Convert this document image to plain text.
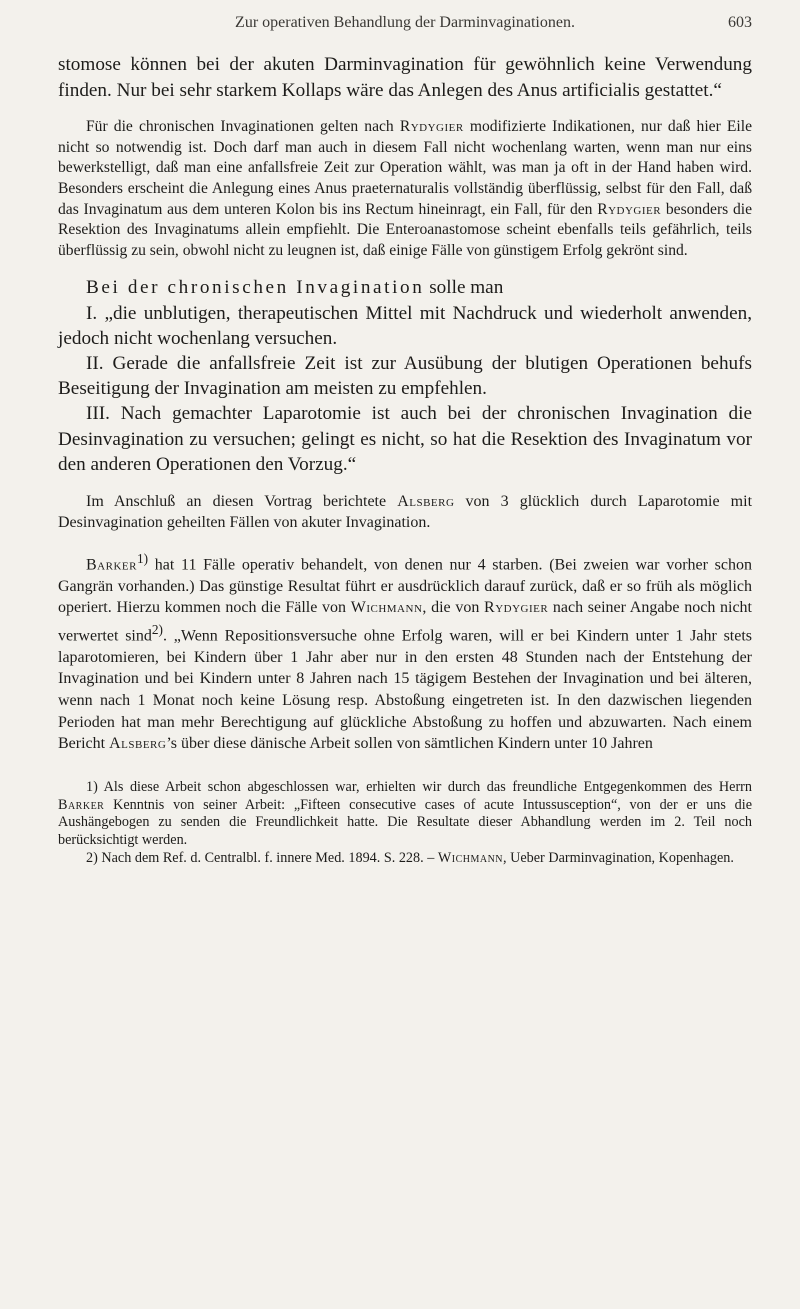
Zur operativen Behandlung der Darminvaginationen.	603

stomose können bei der akuten Darminvagination für gewöhnlich keine Verwendung finden. Nur bei sehr starkem Kollaps wäre das Anlegen des Anus artificialis gestattet.“

Für die chronischen Invaginationen gelten nach Rydygier modifizierte Indikationen, nur daß hier Eile nicht so notwendig ist. Doch darf man auch in diesem Fall nicht wochenlang warten, wenn man nur eins bewerkstelligt, daß man eine anfallsfreie Zeit zur Operation wählt, was man ja oft in der Hand haben wird. Besonders erscheint die Anlegung eines Anus praeternaturalis vollständig überflüssig, selbst für den Fall, daß das Invaginatum aus dem unteren Kolon bis ins Rectum hineinragt, ein Fall, für den Rydygier besonders die Resektion des Invaginatums allein empfiehlt. Die Enteroanastomose scheint ebenfalls teils gefährlich, teils überflüssig zu sein, obwohl nicht zu leugnen ist, daß einige Fälle von günstigem Erfolg gekrönt sind.

Bei der chronischen Invagination solle man

I. „die unblutigen, therapeutischen Mittel mit Nachdruck und wiederholt anwenden, jedoch nicht wochenlang versuchen.

II. Gerade die anfallsfreie Zeit ist zur Ausübung der blutigen Operationen behufs Beseitigung der Invagination am meisten zu empfehlen.

III. Nach gemachter Laparotomie ist auch bei der chronischen Invagination die Desinvagination zu versuchen; gelingt es nicht, so hat die Resektion des Invaginatum vor den anderen Operationen den Vorzug.“

Im Anschluß an diesen Vortrag berichtete Alsberg von 3 glücklich durch Laparotomie mit Desinvagination geheilten Fällen von akuter Invagination.

Barker$^{1)}$ hat 11 Fälle operativ behandelt, von denen nur 4 starben. (Bei zweien war vorher schon Gangrän vorhanden.) Das günstige Resultat führt er ausdrücklich darauf zurück, daß er so früh als möglich operiert. Hierzu kommen noch die Fälle von Wichmann, die von Rydygier nach seiner Angabe noch nicht verwertet sind$^{2)}$. „Wenn Repositionsversuche ohne Erfolg waren, will er bei Kindern unter 1 Jahr stets laparotomieren, bei Kindern über 1 Jahr aber nur in den ersten 48 Stunden nach der Entstehung der Invagination und bei Kindern unter 8 Jahren nach 15 tägigem Bestehen der Invagination und bei älteren, wenn nach 1 Monat noch keine Lösung resp. Abstoßung eingetreten ist. In den dazwischen liegenden Perioden hat man mehr Berechtigung auf glückliche Abstoßung zu hoffen und abzuwarten. Nach einem Bericht Alsberg’s über diese dänische Arbeit sollen von sämtlichen Kindern unter 10 Jahren

1) Als diese Arbeit schon abgeschlossen war, erhielten wir durch das freundliche Entgegenkommen des Herrn Barker Kenntnis von seiner Arbeit: „Fifteen consecutive cases of acute Intussusception“, von der er uns die Aushängebogen zu senden die Freundlichkeit hatte. Die Resultate dieser Abhandlung werden im 2. Teil noch berücksichtigt werden.

2) Nach dem Ref. d. Centralbl. f. innere Med. 1894. S. 228. – Wichmann, Ueber Darminvagination, Kopenhagen.
